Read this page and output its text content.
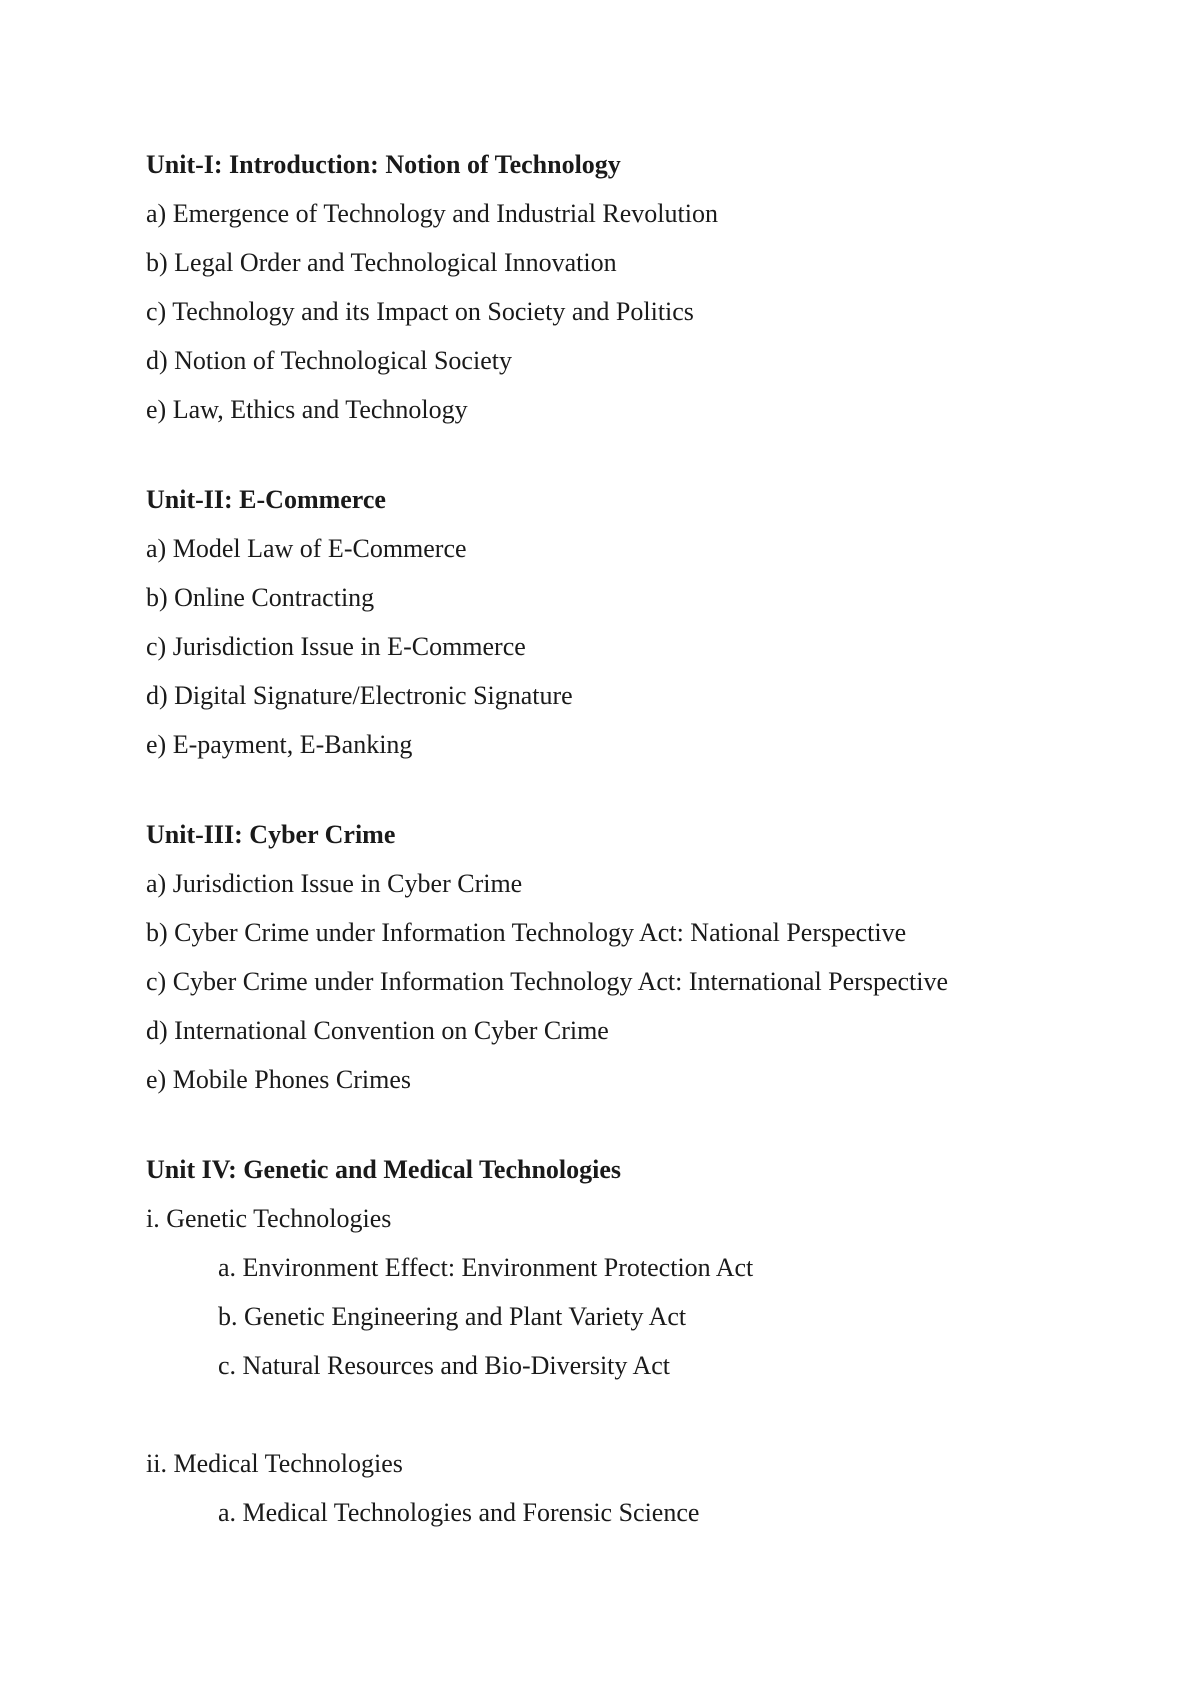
Unit-I: Introduction: Notion of Technology

a) Emergence of Technology and Industrial Revolution

b) Legal Order and Technological Innovation

c) Technology and its Impact on Society and Politics

d) Notion of Technological Society

e) Law, Ethics and Technology

Unit-II: E-Commerce

a) Model Law of E-Commerce

b) Online Contracting

c) Jurisdiction Issue in E-Commerce

d) Digital Signature/Electronic Signature

e) E-payment, E-Banking

Unit-III: Cyber Crime

a) Jurisdiction Issue in Cyber Crime

b) Cyber Crime under Information Technology Act: National Perspective

c) Cyber Crime under Information Technology Act: International Perspective

d) International Convention on Cyber Crime

e) Mobile Phones Crimes

Unit IV: Genetic and Medical Technologies

i. Genetic Technologies

a. Environment Effect: Environment Protection Act

b. Genetic Engineering and Plant Variety Act

c. Natural Resources and Bio-Diversity Act

ii. Medical Technologies

a. Medical Technologies and Forensic Science
